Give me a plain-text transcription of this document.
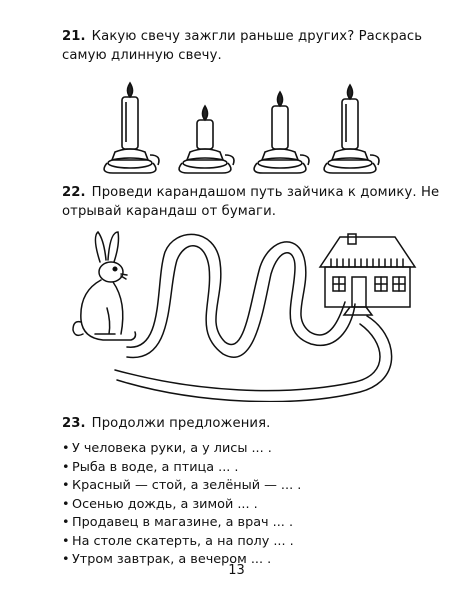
21. Какую свечу зажгли раньше других? Раскрась самую длинную свечу.
22. Проведи карандашом путь зайчика к домику. Не отрывай карандаш от бумаги.
23. Продолжи предложения.
• У человека руки, а у лисы ... .
• Рыба в воде, а птица ... .
• Красный — стой, а зелёный — ... .
• Осенью дождь, а зимой ... .
• Продавец в магазине, а врач ... .
• На столе скатерть, а на полу ... .
• Утром завтрак, а вечером ... .
13
